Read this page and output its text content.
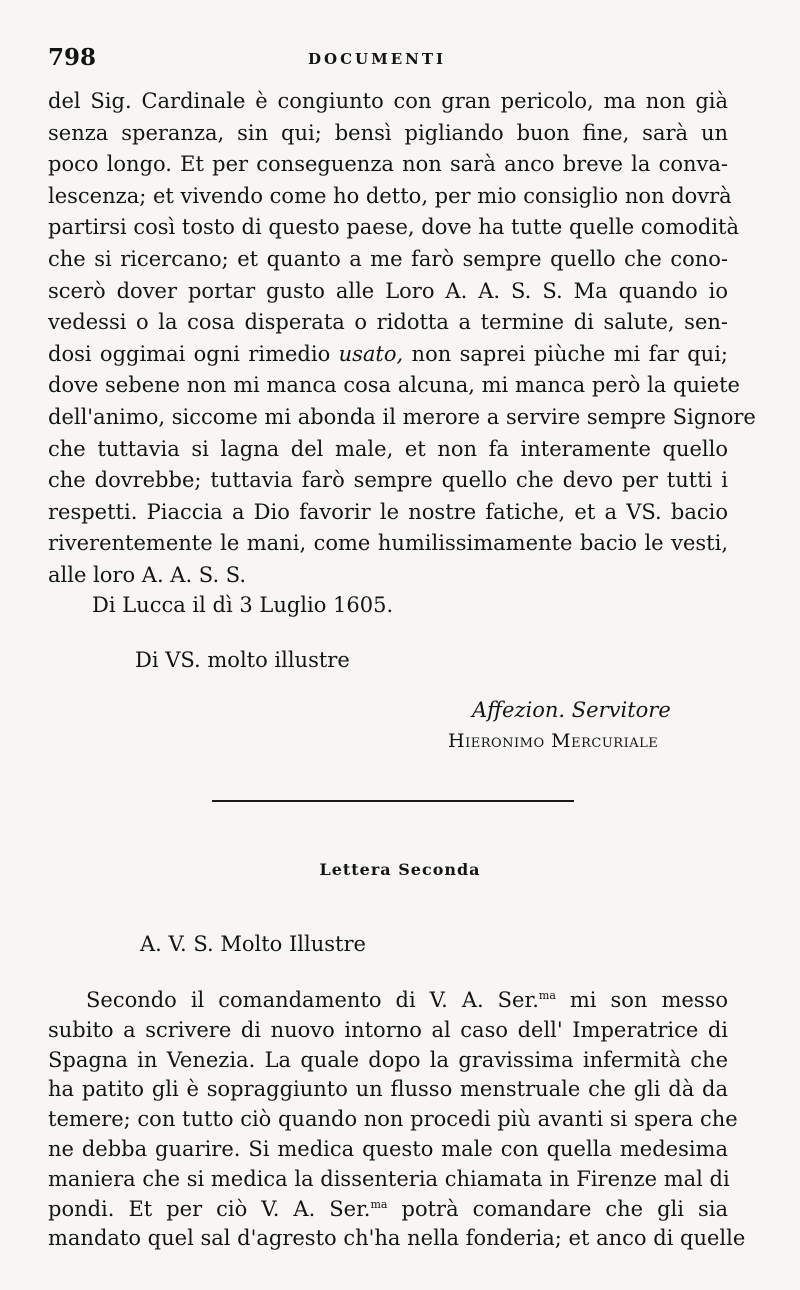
798	DOCUMENTI
del Sig. Cardinale è congiunto con gran pericolo, ma non già
senza speranza, sin qui; bensì pigliando buon fine, sarà un
poco longo. Et per conseguenza non sarà anco breve la conva-
lescenza; et vivendo come ho detto, per mio consiglio non dovrà
partirsi così tosto di questo paese, dove ha tutte quelle comodità
che si ricercano; et quanto a me farò sempre quello che cono-
scerò dover portar gusto alle Loro A. A. S. S. Ma quando io
vedessi o la cosa disperata o ridotta a termine di salute, sen-
dosi oggimai ogni rimedio usato, non saprei piùche mi far qui;
dove sebene non mi manca cosa alcuna, mi manca però la quiete
dell'animo, siccome mi abonda il merore a servire sempre Signore
che tuttavia si lagna del male, et non fa interamente quello
che dovrebbe; tuttavia farò sempre quello che devo per tutti i
respetti. Piaccia a Dio favorir le nostre fatiche, et a VS. bacio
riverentemente le mani, come humilissimamente bacio le vesti,
alle loro A. A. S. S.
Di Lucca il dì 3 Luglio 1605.
Di VS. molto illustre
Affezion. Servitore
Hieronimo Mercuriale
Lettera Seconda
A. V. S. Molto Illustre
Secondo il comandamento di V. A. Ser.$^{ma}$ mi son messo
subito a scrivere di nuovo intorno al caso dell' Imperatrice di
Spagna in Venezia. La quale dopo la gravissima infermità che
ha patito gli è sopraggiunto un flusso menstruale che gli dà da
temere; con tutto ciò quando non procedi più avanti si spera che
ne debba guarire. Si medica questo male con quella medesima
maniera che si medica la dissenteria chiamata in Firenze mal di
pondi. Et per ciò V. A. Ser.$^{ma}$ potrà comandare che gli sia
mandato quel sal d'agresto ch'ha nella fonderia; et anco di quelle
